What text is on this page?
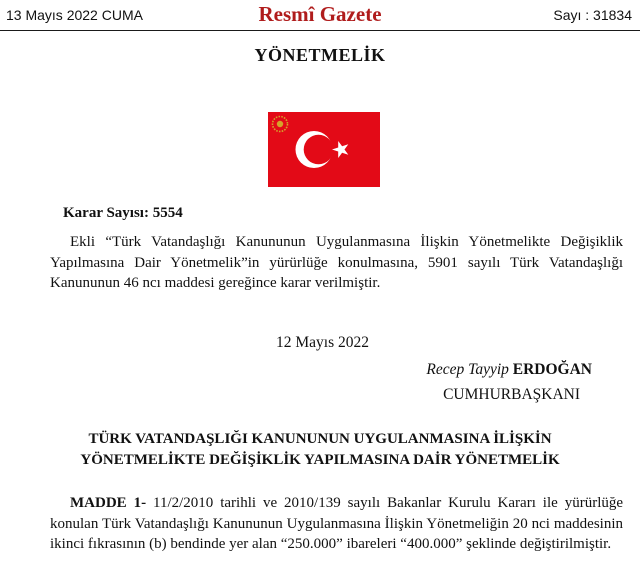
13 Mayıs 2022 CUMA	Resmî Gazete	Sayı : 31834
YÖNETMELİK
Karar Sayısı: 5554
Ekli “Türk Vatandaşlığı Kanununun Uygulanmasına İlişkin Yönetmelikte Değişiklik
Yapılmasına Dair Yönetmelik”in yürürlüğe konulmasına, 5901 sayılı Türk Vatandaşlığı
Kanununun 46 ncı maddesi gereğince karar verilmiştir.
12 Mayıs 2022
Recep Tayyip ERDOĞAN
CUMHURBAŞKANI
TÜRK VATANDAŞLIĞI KANUNUNUN UYGULANMASINA İLİŞKİN
YÖNETMELİKTE DEĞİŞİKLİK YAPILMASINA DAİR YÖNETMELİK
MADDE 1- 11/2/2010 tarihli ve 2010/139 sayılı Bakanlar Kurulu Kararı ile yürürlüğe
konulan Türk Vatandaşlığı Kanununun Uygulanmasına İlişkin Yönetmeliğin 20 nci maddesinin
ikinci fıkrasının (b) bendinde yer alan “250.000” ibareleri “400.000” şeklinde değiştirilmiştir.
